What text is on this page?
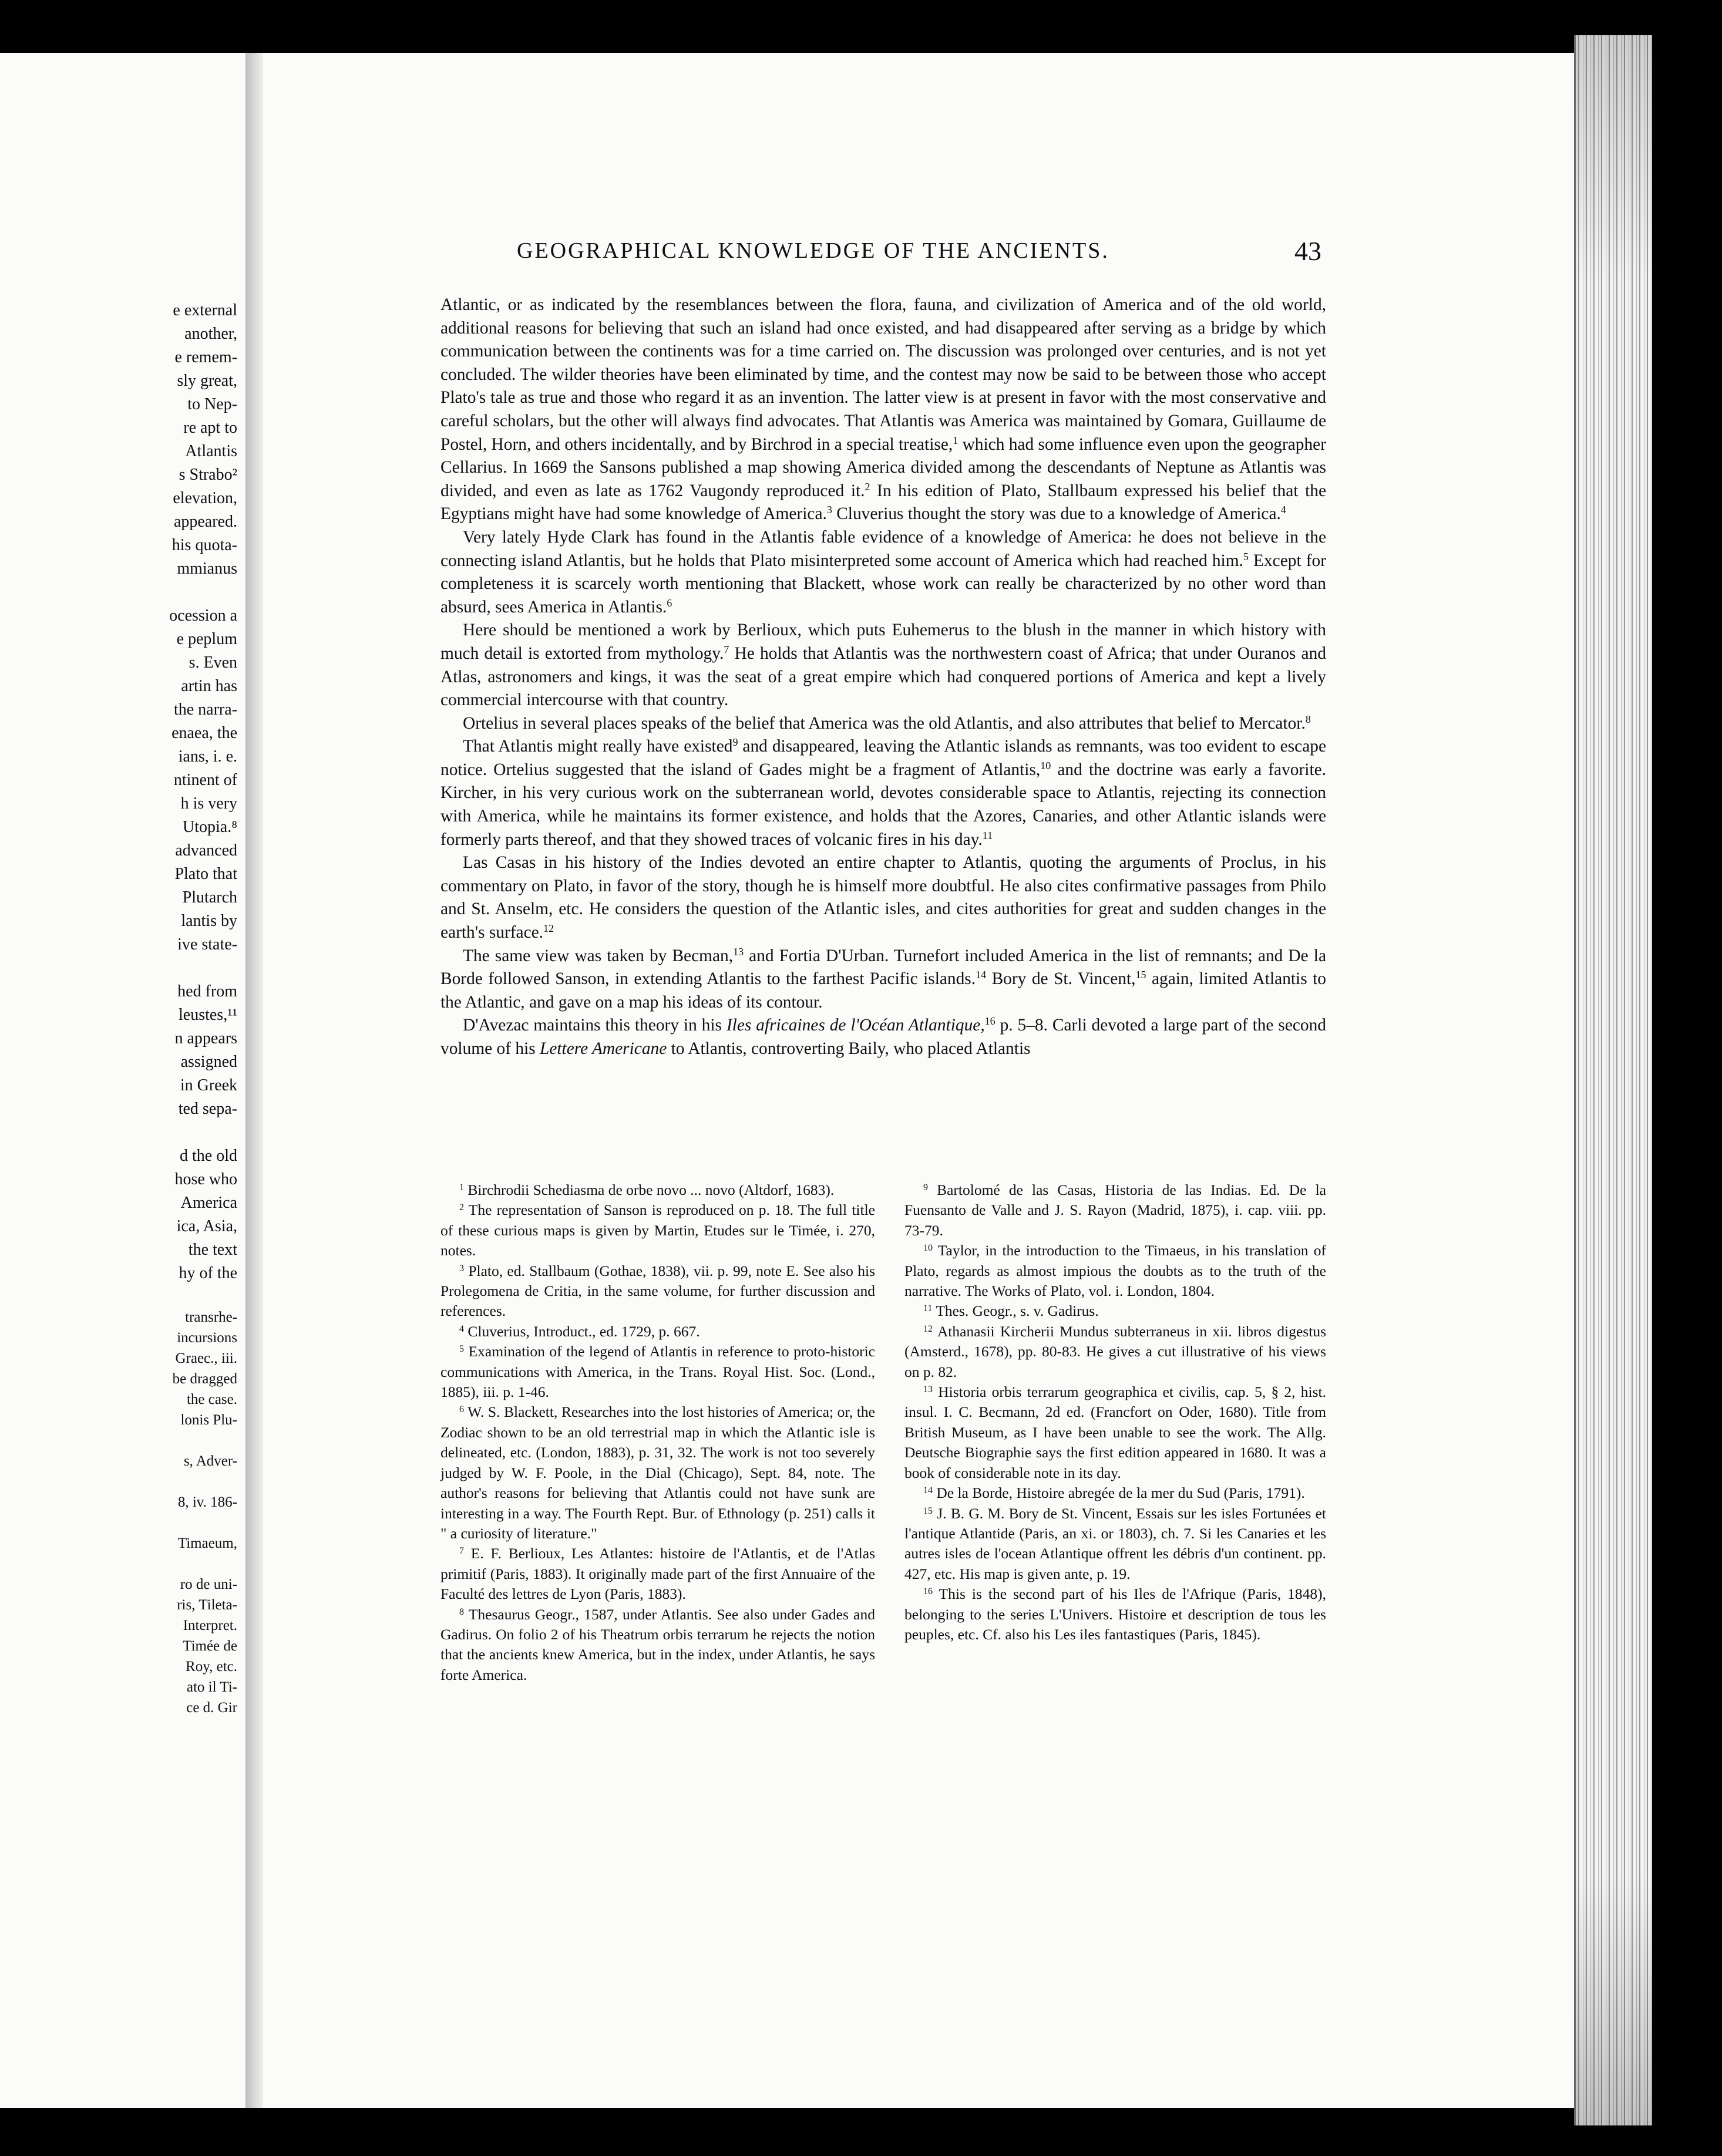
e external
another,
e remem-
sly great,
to Nep-
re apt to
Atlantis
s Strabo²
elevation,
appeared.
his quota-
mmianus
ocession a
e peplum
s. Even
artin has
the narra-
enaea, the
ians, i. e.
ntinent of
h is very
Utopia.⁸
advanced
Plato that
Plutarch
lantis by
ive state-
hed from
leustes,¹¹
n appears
assigned
in Greek
ted sepa-
d the old
hose who
America
ica, Asia,
the text
hy of the
transrhe-
incursions
Graec., iii.
be dragged
the case.
lonis Plu-
s, Adver-
8, iv. 186-
Timaeum,
ro de uni-
ris, Tileta-
Interpret.
Timée de
Roy, etc.
ato il Ti-
ce d. Gir
GEOGRAPHICAL KNOWLEDGE OF THE ANCIENTS.	43

Atlantic, or as indicated by the resemblances between the flora, fauna, and civilization of America and of the old world, additional reasons for believing that such an island had once existed, and had disappeared after serving as a bridge by which communication between the continents was for a time carried on. The discussion was prolonged over centuries, and is not yet concluded. The wilder theories have been eliminated by time, and the contest may now be said to be between those who accept Plato's tale as true and those who regard it as an invention. The latter view is at present in favor with the most conservative and careful scholars, but the other will always find advocates. That Atlantis was America was maintained by Gomara, Guillaume de Postel, Horn, and others incidentally, and by Birchrod in a special treatise,$^1$ which had some influence even upon the geographer Cellarius. In 1669 the Sansons published a map showing America divided among the descendants of Neptune as Atlantis was divided, and even as late as 1762 Vaugondy reproduced it.$^2$ In his edition of Plato, Stallbaum expressed his belief that the Egyptians might have had some knowledge of America.$^3$ Cluverius thought the story was due to a knowledge of America.$^4$

Very lately Hyde Clark has found in the Atlantis fable evidence of a knowledge of America: he does not believe in the connecting island Atlantis, but he holds that Plato misinterpreted some account of America which had reached him.$^5$ Except for completeness it is scarcely worth mentioning that Blackett, whose work can really be characterized by no other word than absurd, sees America in Atlantis.$^6$

Here should be mentioned a work by Berlioux, which puts Euhemerus to the blush in the manner in which history with much detail is extorted from mythology.$^7$ He holds that Atlantis was the northwestern coast of Africa; that under Ouranos and Atlas, astronomers and kings, it was the seat of a great empire which had conquered portions of America and kept a lively commercial intercourse with that country.

Ortelius in several places speaks of the belief that America was the old Atlantis, and also attributes that belief to Mercator.$^8$

That Atlantis might really have existed$^9$ and disappeared, leaving the Atlantic islands as remnants, was too evident to escape notice. Ortelius suggested that the island of Gades might be a fragment of Atlantis,$^{10}$ and the doctrine was early a favorite. Kircher, in his very curious work on the subterranean world, devotes considerable space to Atlantis, rejecting its connection with America, while he maintains its former existence, and holds that the Azores, Canaries, and other Atlantic islands were formerly parts thereof, and that they showed traces of volcanic fires in his day.$^{11}$

Las Casas in his history of the Indies devoted an entire chapter to Atlantis, quoting the arguments of Proclus, in his commentary on Plato, in favor of the story, though he is himself more doubtful. He also cites confirmative passages from Philo and St. Anselm, etc. He considers the question of the Atlantic isles, and cites authorities for great and sudden changes in the earth's surface.$^{12}$

The same view was taken by Becman,$^{13}$ and Fortia D'Urban. Turnefort included America in the list of remnants; and De la Borde followed Sanson, in extending Atlantis to the farthest Pacific islands.$^{14}$ Bory de St. Vincent,$^{15}$ again, limited Atlantis to the Atlantic, and gave on a map his ideas of its contour.

D'Avezac maintains this theory in his Iles africaines de l'Océan Atlantique,$^{16}$ p. 5–8. Carli devoted a large part of the second volume of his Lettere Americane to Atlantis, controverting Baily, who placed Atlantis

$^1$ Birchrodii Schediasma de orbe novo ... novo (Altdorf, 1683).

$^2$ The representation of Sanson is reproduced on p. 18. The full title of these curious maps is given by Martin, Etudes sur le Timée, i. 270, notes.

$^3$ Plato, ed. Stallbaum (Gothae, 1838), vii. p. 99, note E. See also his Prolegomena de Critia, in the same volume, for further discussion and references.

$^4$ Cluverius, Introduct., ed. 1729, p. 667.

$^5$ Examination of the legend of Atlantis in reference to proto-historic communications with America, in the Trans. Royal Hist. Soc. (Lond., 1885), iii. p. 1-46.

$^6$ W. S. Blackett, Researches into the lost histories of America; or, the Zodiac shown to be an old terrestrial map in which the Atlantic isle is delineated, etc. (London, 1883), p. 31, 32. The work is not too severely judged by W. F. Poole, in the Dial (Chicago), Sept. 84, note. The author's reasons for believing that Atlantis could not have sunk are interesting in a way. The Fourth Rept. Bur. of Ethnology (p. 251) calls it " a curiosity of literature."

$^7$ E. F. Berlioux, Les Atlantes: histoire de l'Atlantis, et de l'Atlas primitif (Paris, 1883). It originally made part of the first Annuaire of the Faculté des lettres de Lyon (Paris, 1883).

$^8$ Thesaurus Geogr., 1587, under Atlantis. See also under Gades and Gadirus. On folio 2 of his Theatrum orbis terrarum he rejects the notion that the ancients knew America, but in the index, under Atlantis, he says forte America.

$^9$ Bartolomé de las Casas, Historia de las Indias. Ed. De la Fuensanto de Valle and J. S. Rayon (Madrid, 1875), i. cap. viii. pp. 73-79.

$^{10}$ Taylor, in the introduction to the Timaeus, in his translation of Plato, regards as almost impious the doubts as to the truth of the narrative. The Works of Plato, vol. i. London, 1804.

$^{11}$ Thes. Geogr., s. v. Gadirus.

$^{12}$ Athanasii Kircherii Mundus subterraneus in xii. libros digestus (Amsterd., 1678), pp. 80-83. He gives a cut illustrative of his views on p. 82.

$^{13}$ Historia orbis terrarum geographica et civilis, cap. 5, § 2, hist. insul. I. C. Becmann, 2d ed. (Francfort on Oder, 1680). Title from British Museum, as I have been unable to see the work. The Allg. Deutsche Biographie says the first edition appeared in 1680. It was a book of considerable note in its day.

$^{14}$ De la Borde, Histoire abregée de la mer du Sud (Paris, 1791).

$^{15}$ J. B. G. M. Bory de St. Vincent, Essais sur les isles Fortunées et l'antique Atlantide (Paris, an xi. or 1803), ch. 7. Si les Canaries et les autres isles de l'ocean Atlantique offrent les débris d'un continent. pp. 427, etc. His map is given ante, p. 19.

$^{16}$ This is the second part of his Iles de l'Afrique (Paris, 1848), belonging to the series L'Univers. Histoire et description de tous les peuples, etc. Cf. also his Les iles fantastiques (Paris, 1845).
